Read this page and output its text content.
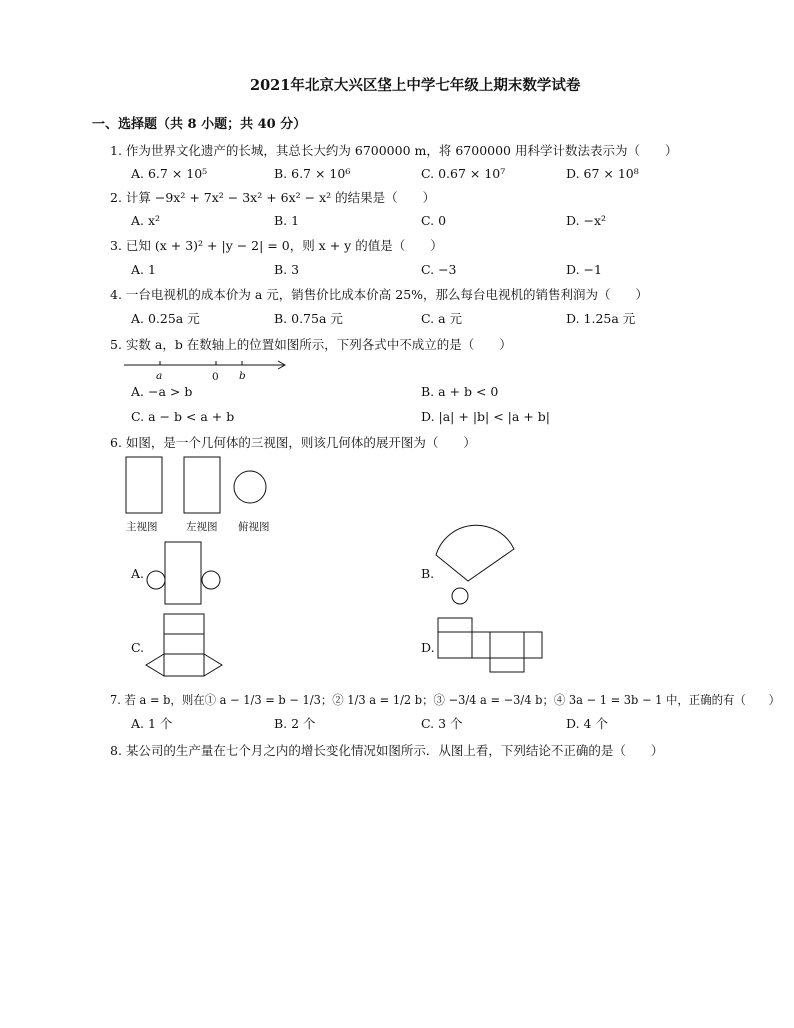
2021年北京大兴区垡上中学七年级上期末数学试卷
一、选择题（共 8 小题；共 40 分）
1. 作为世界文化遗产的长城，其总长大约为 6700000 m，将 6700000 用科学计数法表示为（　　）
A. 6.7 × 10⁵	B. 6.7 × 10⁶	C. 0.67 × 10⁷	D. 67 × 10⁸
2. 计算 −9x² + 7x² − 3x² + 6x² − x² 的结果是（　　）
A. x²	B. 1	C. 0	D. −x²
3. 已知 (x + 3)² + |y − 2| = 0，则 x + y 的值是（　　）
A. 1	B. 3	C. −3	D. −1
4. 一台电视机的成本价为 a 元，销售价比成本价高 25%，那么每台电视机的销售利润为（　　）
A. 0.25a 元	B. 0.75a 元	C. a 元	D. 1.25a 元
5. 实数 a，b 在数轴上的位置如图所示，下列各式中不成立的是（　　）
a	0 b
A. −a > b	B. a + b < 0
C. a − b < a + b	D. |a| + |b| < |a + b|
6. 如图，是一个几何体的三视图，则该几何体的展开图为（　　）
主视图	左视图 俯视图
A.	B.
C.	D.
7. 若 a = b，则在① a − 1/3 = b − 1/3；② 1/3 a = 1/2 b；③ −3/4 a = −3/4 b；④ 3a − 1 = 3b − 1 中，正确的有（　　）
A. 1 个	B. 2 个	C. 3 个	D. 4 个
8. 某公司的生产量在七个月之内的增长变化情况如图所示．从图上看，下列结论不正确的是（　　）
